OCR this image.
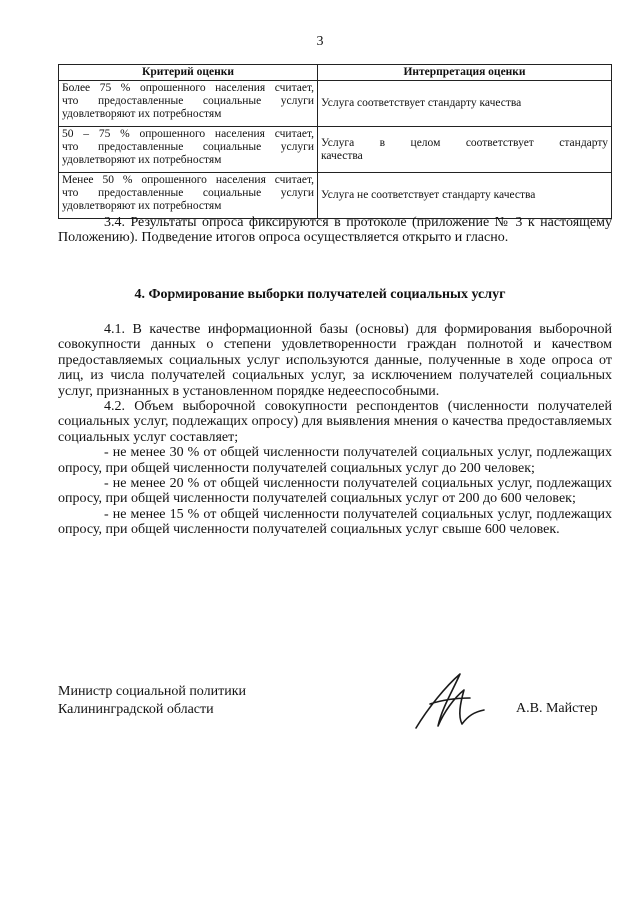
3
Критерий оценки	Интерпретация оценки

Более 75 % опрошенного населения считает,
что предоставленные социальные услуги
удовлетворяют их потребностям	Услуга соответствует стандарту качества

50 – 75 % опрошенного населения считает,
что предоставленные социальные услуги
удовлетворяют их потребностям	Услуга в целом соответствует стандарту
качества

Менее 50 % опрошенного населения считает,
что предоставленные социальные услуги
удовлетворяют их потребностям	Услуга не соответствует стандарту качества

3.4. Результаты опроса фиксируются в протоколе (приложение № 3 к настоящему Положению). Подведение итогов опроса осуществляется открыто и гласно.

4. Формирование выборки получателей социальных услуг

4.1. В качестве информационной базы (основы) для формирования выборочной совокупности данных о степени удовлетворенности граждан полнотой и качеством предоставляемых социальных услуг используются данные, полученные в ходе опроса от лиц, из числа получателей социальных услуг, за исключением получателей социальных услуг, признанных в установленном порядке недееспособными.

4.2. Объем выборочной совокупности респондентов (численности получателей социальных услуг, подлежащих опросу) для выявления мнения о качества предоставляемых социальных услуг составляет;

- не менее 30 % от общей численности получателей социальных услуг, подлежащих опросу, при общей численности получателей социальных услуг до 200 человек;

- не менее 20 % от общей численности получателей социальных услуг, подлежащих опросу, при общей численности получателей социальных услуг от 200 до 600 человек;

- не менее 15 % от общей численности получателей социальных услуг, подлежащих опросу, при общей численности получателей социальных услуг свыше 600 человек.

Министр социальной политики
Калининградской области	А.В. Майстер
